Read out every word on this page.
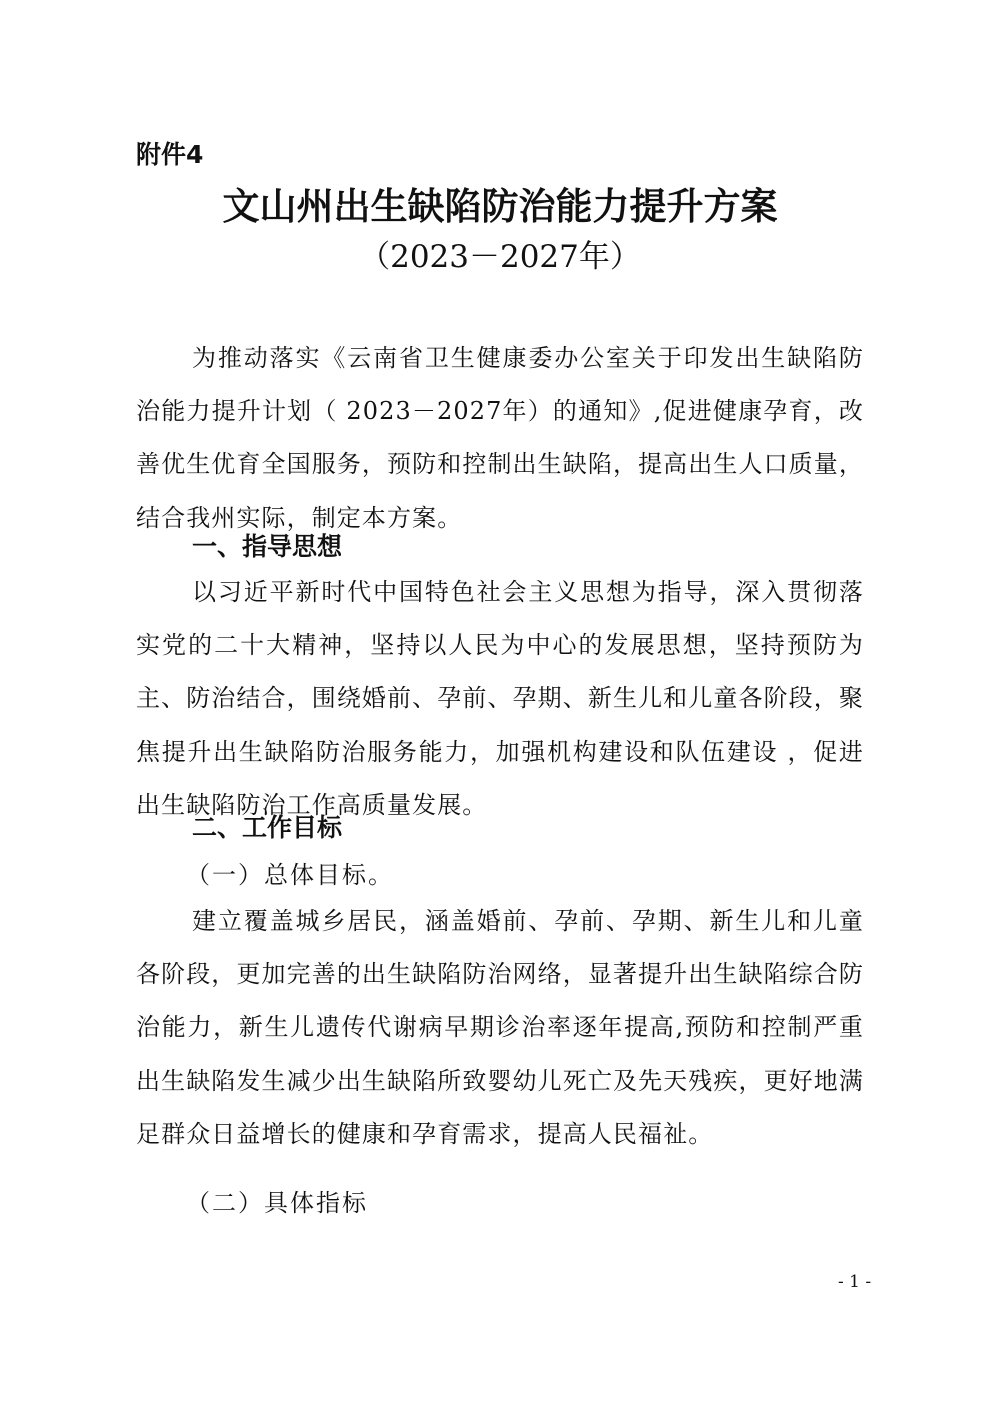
附件4
文山州出生缺陷防治能力提升方案
（2023－2027年）

为推动落实《云南省卫生健康委办公室关于印发出生缺陷防治能力提升计划（ 2023－2027年）的通知》,促进健康孕育，改善优生优育全国服务，预防和控制出生缺陷，提高出生人口质量，结合我州实际，制定本方案。

一、指导思想

以习近平新时代中国特色社会主义思想为指导，深入贯彻落实党的二十大精神，坚持以人民为中心的发展思想，坚持预防为主、防治结合，围绕婚前、孕前、孕期、新生儿和儿童各阶段，聚焦提升出生缺陷防治服务能力，加强机构建设和队伍建设 ，促进出生缺陷防治工作高质量发展。

二、工作目标
（一）总体目标。

建立覆盖城乡居民，涵盖婚前、孕前、孕期、新生儿和儿童各阶段，更加完善的出生缺陷防治网络，显著提升出生缺陷综合防治能力，新生儿遗传代谢病早期诊治率逐年提高,预防和控制严重出生缺陷发生减少出生缺陷所致婴幼儿死亡及先天残疾，更好地满足群众日益增长的健康和孕育需求，提高人民福祉。

（二）具体指标
- 1 -
